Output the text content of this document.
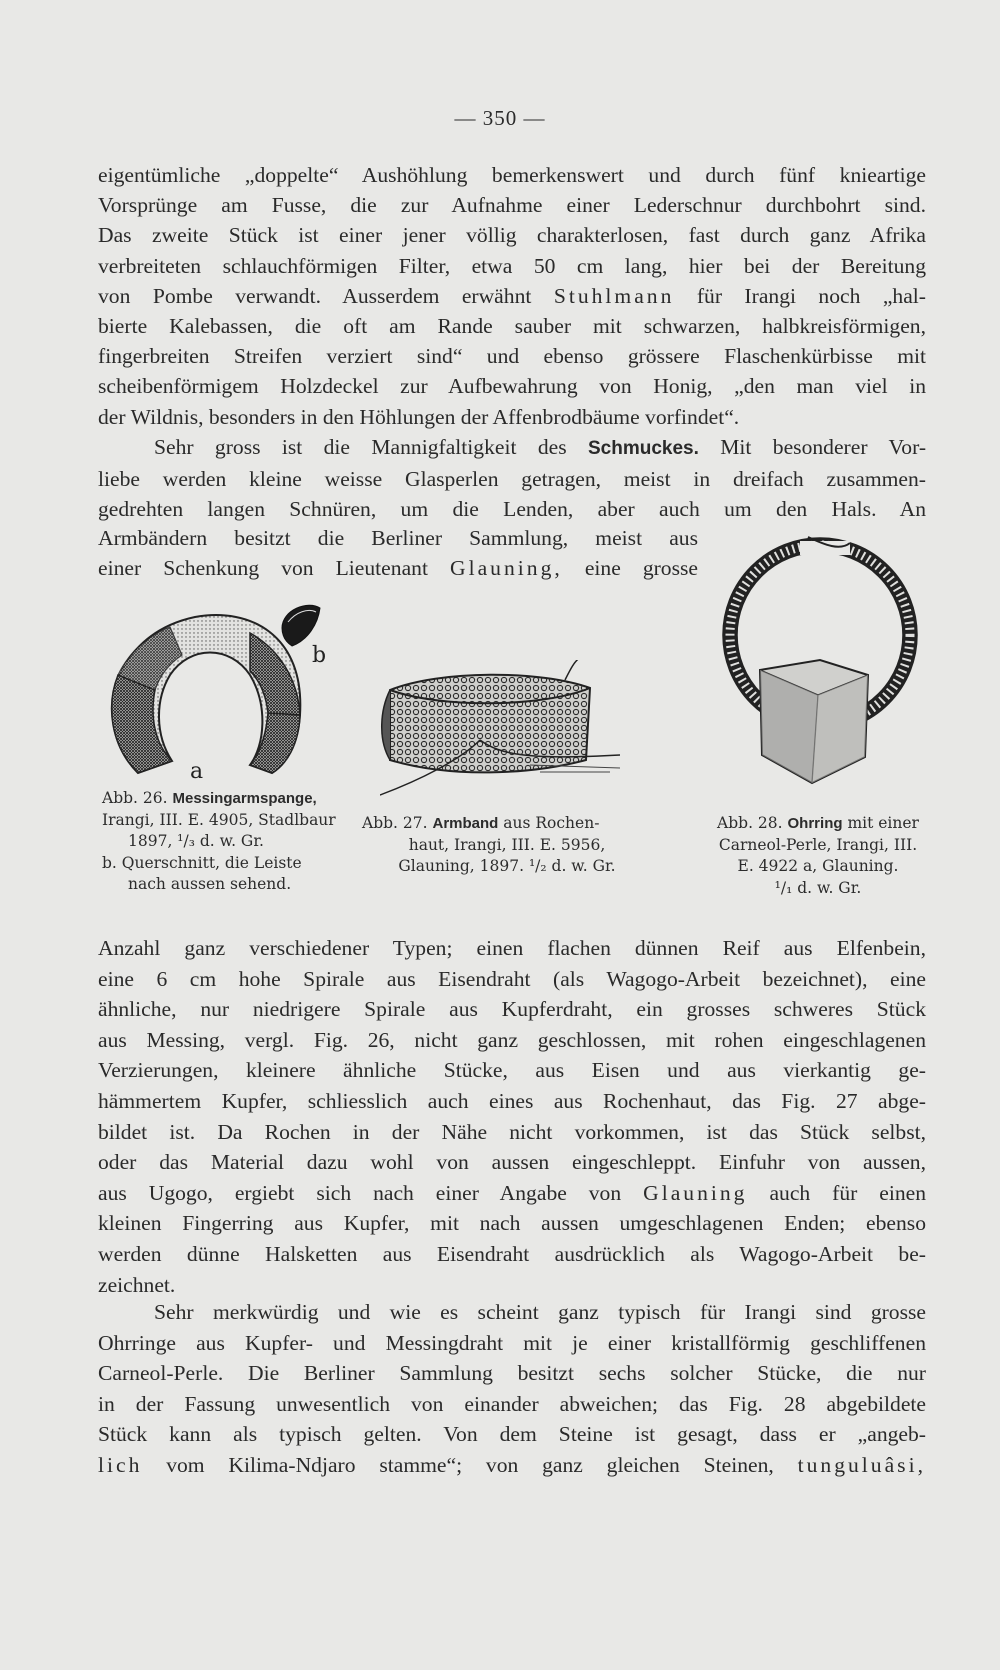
— 350 —
eigentümliche „doppelte“ Aushöhlung bemerkenswert und durch fünf knieartige
Vorsprünge am Fusse, die zur Aufnahme einer Lederschnur durchbohrt sind.
Das zweite Stück ist einer jener völlig charakterlosen, fast durch ganz Afrika
verbreiteten schlauchförmigen Filter, etwa 50 cm lang, hier bei der Bereitung
von Pombe verwandt. Ausserdem erwähnt Stuhlmann für Irangi noch „hal-
bierte Kalebassen, die oft am Rande sauber mit schwarzen, halbkreisförmigen,
fingerbreiten Streifen verziert sind“ und ebenso grössere Flaschenkürbisse mit
scheibenförmigem Holzdeckel zur Aufbewahrung von Honig, „den man viel in
der Wildnis, besonders in den Höhlungen der Affenbrodbäume vorfindet“.
Sehr gross ist die Mannigfaltigkeit des Schmuckes. Mit besonderer Vor-
liebe werden kleine weisse Glasperlen getragen, meist in dreifach zusammen-
gedrehten langen Schnüren, um die Lenden, aber auch um den Hals. An
Armbändern besitzt die Berliner Sammlung, meist aus
einer Schenkung von Lieutenant Glauning, eine grosse
a
b
Abb. 26. Messingarmspange,
Irangi, III. E. 4905, Stadlbaur
1897, ¹/₃ d. w. Gr.
b. Querschnitt, die Leiste
nach aussen sehend.
Abb. 27. Armband aus Rochen-
haut, Irangi, III. E. 5956,
Glauning, 1897. ¹/₂ d. w. Gr.
Abb. 28. Ohrring mit einer
Carneol-Perle, Irangi, III.
E. 4922 a, Glauning.
¹/₁ d. w. Gr.
Anzahl ganz verschiedener Typen; einen flachen dünnen Reif aus Elfenbein,
eine 6 cm hohe Spirale aus Eisendraht (als Wagogo-Arbeit bezeichnet), eine
ähnliche, nur niedrigere Spirale aus Kupferdraht, ein grosses schweres Stück
aus Messing, vergl. Fig. 26, nicht ganz geschlossen, mit rohen eingeschlagenen
Verzierungen, kleinere ähnliche Stücke, aus Eisen und aus vierkantig ge-
hämmertem Kupfer, schliesslich auch eines aus Rochenhaut, das Fig. 27 abge-
bildet ist. Da Rochen in der Nähe nicht vorkommen, ist das Stück selbst,
oder das Material dazu wohl von aussen eingeschleppt. Einfuhr von aussen,
aus Ugogo, ergiebt sich nach einer Angabe von Glauning auch für einen
kleinen Fingerring aus Kupfer, mit nach aussen umgeschlagenen Enden; ebenso
werden dünne Halsketten aus Eisendraht ausdrücklich als Wagogo-Arbeit be-
zeichnet.
Sehr merkwürdig und wie es scheint ganz typisch für Irangi sind grosse
Ohrringe aus Kupfer- und Messingdraht mit je einer kristallförmig geschliffenen
Carneol-Perle. Die Berliner Sammlung besitzt sechs solcher Stücke, die nur
in der Fassung unwesentlich von einander abweichen; das Fig. 28 abgebildete
Stück kann als typisch gelten. Von dem Steine ist gesagt, dass er „angeb-
lich vom Kilima-Ndjaro stamme“; von ganz gleichen Steinen, tunguluâsi,
